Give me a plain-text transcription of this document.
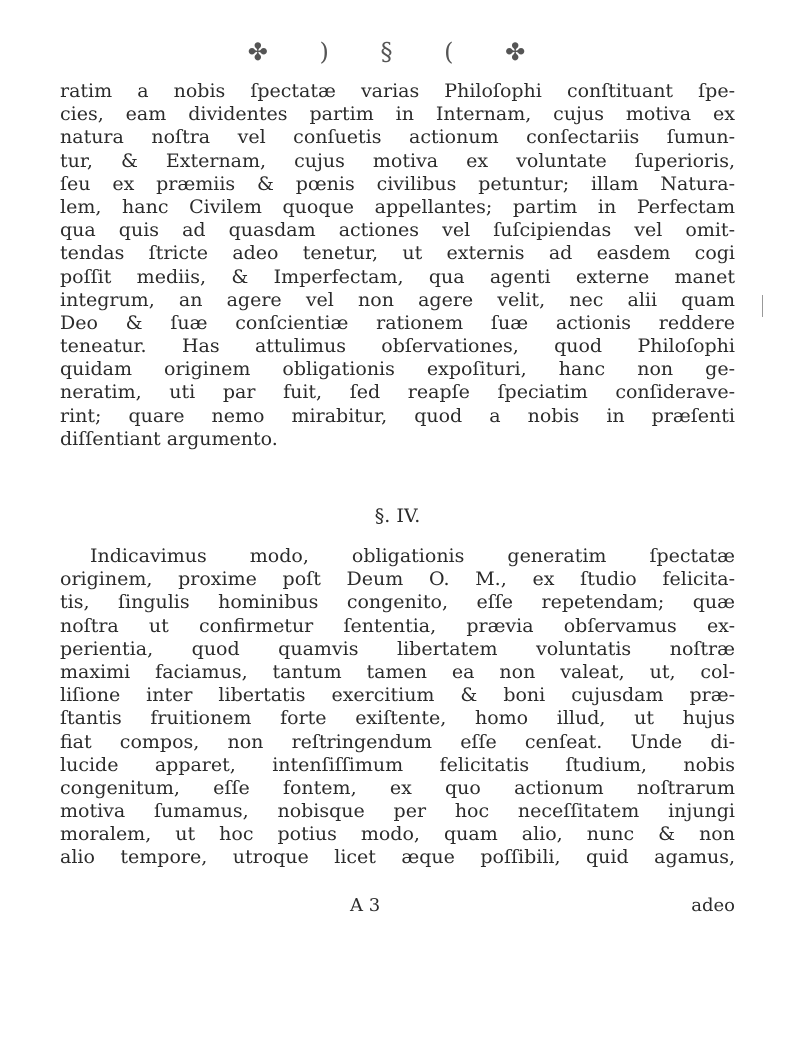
✤ ) § ( ✤
ratim a nobis ſpectatæ varias Philoſophi conſtituant ſpe-
cies, eam dividentes partim in Internam, cujus motiva ex
natura noſtra vel conſuetis actionum conſectariis ſumun-
tur, & Externam, cujus motiva ex voluntate ſuperioris,
ſeu ex præmiis & pœnis civilibus petuntur; illam Natura-
lem, hanc Civilem quoque appellantes; partim in Perfectam
qua quis ad quasdam actiones vel ſuſcipiendas vel omit-
tendas ſtricte adeo tenetur, ut externis ad easdem cogi
poſſit mediis, & Imperfectam, qua agenti externe manet
integrum, an agere vel non agere velit, nec alii quam
Deo & ſuæ conſcientiæ rationem ſuæ actionis reddere
teneatur. Has attulimus obſervationes, quod Philoſophi
quidam originem obligationis expoſituri, hanc non ge-
neratim, uti par fuit, ſed reapſe ſpeciatim conſiderave-
rint; quare nemo mirabitur, quod a nobis in præſenti
diſſentiant argumento.
§. IV.
Indicavimus modo, obligationis generatim ſpectatæ
originem, proxime poſt Deum O. M., ex ſtudio felicita-
tis, ſingulis hominibus congenito, eſſe repetendam; quæ
noſtra ut confirmetur ſententia, prævia obſervamus ex-
perientia, quod quamvis libertatem voluntatis noſtræ
maximi faciamus, tantum tamen ea non valeat, ut, col-
liſione inter libertatis exercitium & boni cujusdam præ-
ſtantis fruitionem forte exiſtente, homo illud, ut hujus
fiat compos, non reſtringendum eſſe cenſeat. Unde di-
lucide apparet, intenſiſſimum felicitatis ſtudium, nobis
congenitum, eſſe fontem, ex quo actionum noſtrarum
motiva ſumamus, nobisque per hoc neceſſitatem injungi
moralem, ut hoc potius modo, quam alio, nunc & non
alio tempore, utroque licet æque poſſibili, quid agamus,
A 3	adeo
